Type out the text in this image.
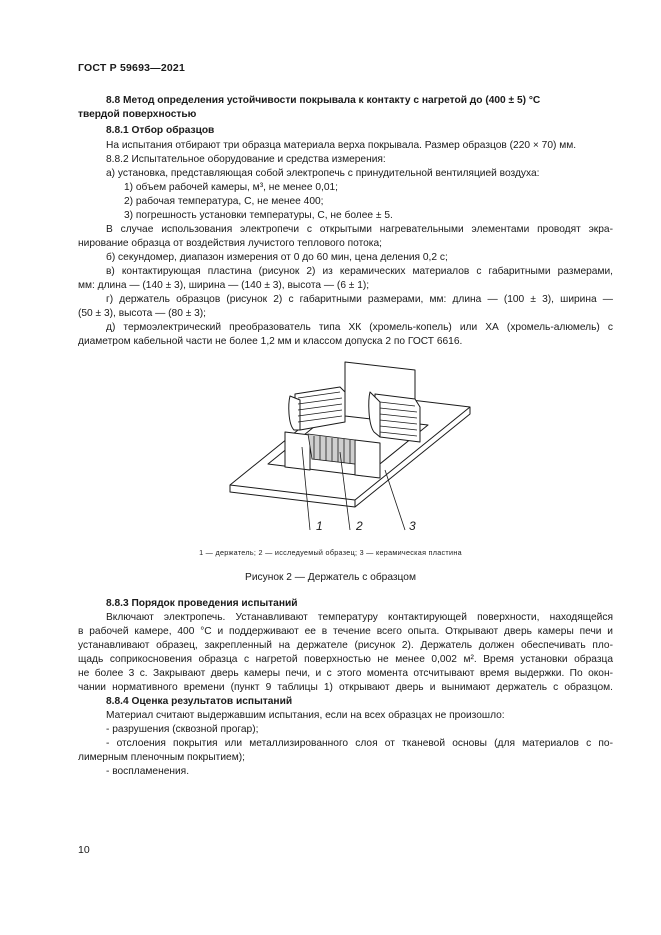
ГОСТ Р 59693—2021
8.8 Метод определения устойчивости покрывала к контакту с нагретой до (400 ± 5) °С
твердой поверхностью
8.8.1 Отбор образцов
На испытания отбирают три образца материала верха покрывала. Размер образцов (220 × 70) мм.
8.8.2 Испытательное оборудование и средства измерения:
а) установка, представляющая собой электропечь с принудительной вентиляцией воздуха:
1) объем рабочей камеры, м³, не менее 0,01;
2) рабочая температура, С, не менее 400;
3) погрешность установки температуры, С, не более ± 5.
В случае использования электропечи с открытыми нагревательными элементами проводят экра-
нирование образца от воздействия лучистого теплового потока;
б) секундомер, диапазон измерения от 0 до 60 мин, цена деления 0,2 с;
в) контактирующая пластина (рисунок 2) из керамических материалов с габаритными размерами,
мм: длина — (140 ± 3), ширина — (140 ± 3), высота — (6 ± 1);
г) держатель образцов (рисунок 2) с габаритными размерами, мм: длина — (100 ± 3), ширина —
(50 ± 3), высота — (80 ± 3);
д) термоэлектрический преобразователь типа ХК (хромель-копель) или ХА (хромель-алюмель) с
диаметром кабельной части не более 1,2 мм и классом допуска 2 по ГОСТ 6616.
1	2	3
1 — держатель; 2 — исследуемый образец; 3 — керамическая пластина
Рисунок 2 — Держатель с образцом
8.8.3 Порядок проведения испытаний
Включают электропечь. Устанавливают температуру контактирующей поверхности, находящейся
в рабочей камере, 400 °С и поддерживают ее в течение всего опыта. Открывают дверь камеры печи и
устанавливают образец, закрепленный на держателе (рисунок 2). Держатель должен обеспечивать пло-
щадь соприкосновения образца с нагретой поверхностью не менее 0,002 м². Время установки образца
не более 3 с. Закрывают дверь камеры печи, и с этого момента отсчитывают время выдержки. По окон-
чании нормативного времени (пункт 9 таблицы 1) открывают дверь и вынимают держатель с образцом.
8.8.4 Оценка результатов испытаний
Материал считают выдержавшим испытания, если на всех образцах не произошло:
- разрушения (сквозной прогар);
- отслоения покрытия или металлизированного слоя от тканевой основы (для материалов с по-
лимерным пленочным покрытием);
- воспламенения.
10
